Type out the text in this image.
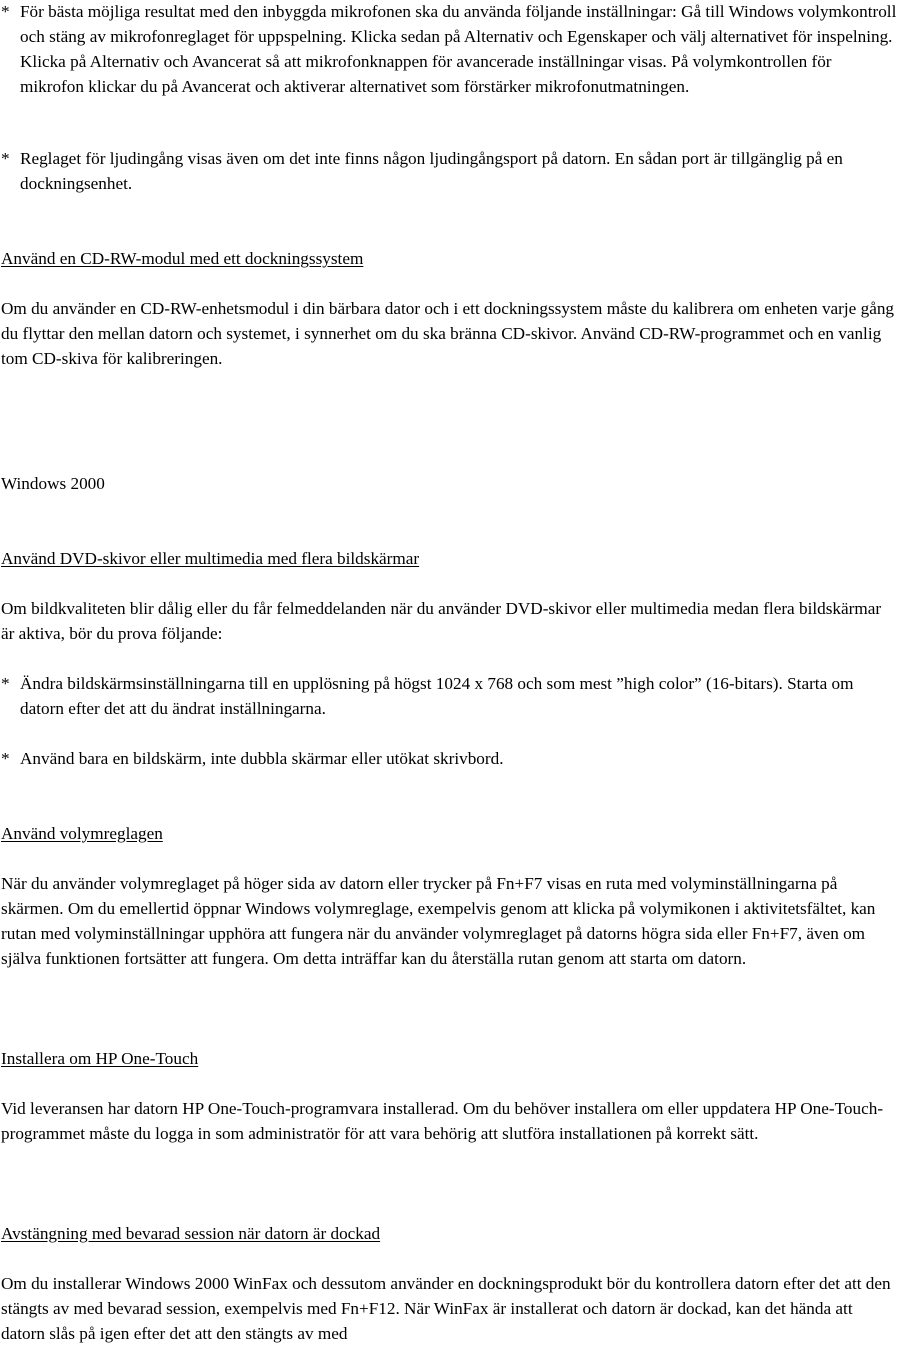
* För bästa möjliga resultat med den inbyggda mikrofonen ska du använda följande inställningar: Gå till Windows volymkontroll och stäng av mikrofonreglaget för uppspelning. Klicka sedan på Alternativ och Egenskaper och välj alternativet för inspelning. Klicka på Alternativ och Avancerat så att mikrofonknappen för avancerade inställningar visas. På volymkontrollen för mikrofon klickar du på Avancerat och aktiverar alternativet som förstärker mikrofonutmatningen.
* Reglaget för ljudingång visas även om det inte finns någon ljudingångsport på datorn. En sådan port är tillgänglig på en dockningsenhet.

Använd en CD-RW-modul med ett dockningssystem

Om du använder en CD-RW-enhetsmodul i din bärbara dator och i ett dockningssystem måste du kalibrera om enheten varje gång du flyttar den mellan datorn och systemet, i synnerhet om du ska bränna CD-skivor. Använd CD-RW-programmet och en vanlig tom CD-skiva för kalibreringen.

Windows 2000

Använd DVD-skivor eller multimedia med flera bildskärmar

Om bildkvaliteten blir dålig eller du får felmeddelanden när du använder DVD-skivor eller multimedia medan flera bildskärmar är aktiva, bör du prova följande:

* Ändra bildskärmsinställningarna till en upplösning på högst 1024 x 768 och som mest ”high color” (16-bitars). Starta om datorn efter det att du ändrat inställningarna.
* Använd bara en bildskärm, inte dubbla skärmar eller utökat skrivbord.

Använd volymreglagen

När du använder volymreglaget på höger sida av datorn eller trycker på Fn+F7 visas en ruta med volyminställningarna på skärmen. Om du emellertid öppnar Windows volymreglage, exempelvis genom att klicka på volymikonen i aktivitetsfältet, kan rutan med volyminställningar upphöra att fungera när du använder volymreglaget på datorns högra sida eller Fn+F7, även om själva funktionen fortsätter att fungera. Om detta inträffar kan du återställa rutan genom att starta om datorn.

Installera om HP One-Touch

Vid leveransen har datorn HP One-Touch-programvara installerad. Om du behöver installera om eller uppdatera HP One-Touch-programmet måste du logga in som administratör för att vara behörig att slutföra installationen på korrekt sätt.

Avstängning med bevarad session när datorn är dockad

Om du installerar Windows 2000 WinFax och dessutom använder en dockningsprodukt bör du kontrollera datorn efter det att den stängts av med bevarad session, exempelvis med Fn+F12. När WinFax är installerat och datorn är dockad, kan det hända att datorn slås på igen efter det att den stängts av med
